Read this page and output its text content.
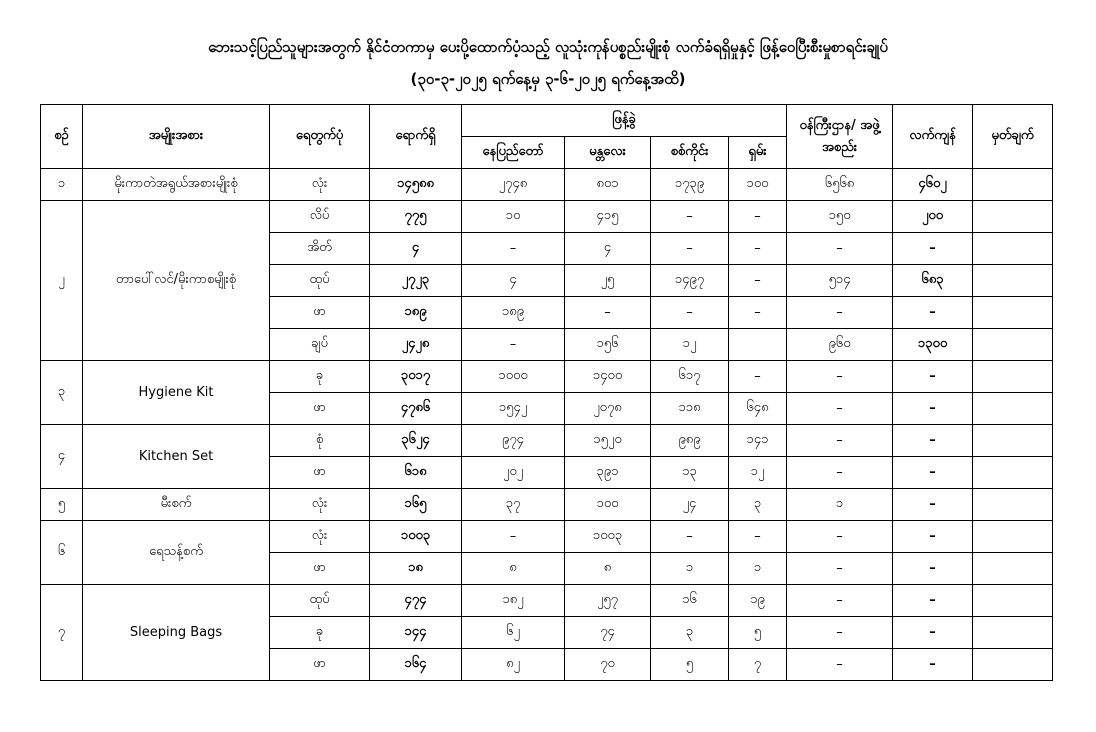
ဘေးသင့်ပြည်သူများအတွက် နိုင်ငံတကာမှ ပေးပို့ထောက်ပံ့သည့် လူသုံးကုန်ပစ္စည်းမျိုးစုံ လက်ခံရရှိမှုနှင့် ဖြန့်ဝေပြီးစီးမှုစာရင်းချုပ်
(၃၀-၃-၂၀၂၅ ရက်နေ့မှ ၃-၆-၂၀၂၅ ရက်နေ့အထိ)
စဉ်	အမျိုးအစား	ရေတွက်ပုံ	ရောက်ရှိ	ဖြန့်ခွဲ				ဝန်ကြီးဌာန/ အဖွဲ့အစည်း	လက်ကျန်	မှတ်ချက်
				နေပြည်တော်	မန္တလေး	စစ်ကိုင်း	ရှမ်း			
၁	မိုးကာတဲအရွယ်အစားမျိုးစုံ	လုံး	၁၄၅၈၈	၂၇၄၈	၈၀၁	၁၇၃၉	၁၀၀	၆၅၆၈	၄၆၀၂	
၂	တာပေါ်လင်/မိုးကာစမျိုးစုံ	လိပ်	၇၇၅	၁၀	၄၁၅	–	–	၁၅၀	၂၀၀	
		အိတ်	၄	–	၄	–	–	–	–	
		ထုပ်	၂၇၂၃	၄	၂၅	၁၄၉၇	–	၅၁၄	၆၈၃	
		ဖာ	၁၈၉	၁၈၉	–	–	–	–	–	
		ချပ်	၂၄၂၈	–	၁၅၆	၁၂		၉၆၀	၁၃၀၀	
၃	Hygiene Kit	ခု	၃၀၁၇	၁၀၀၀	၁၄၀၀	၆၁၇	–	–	–	
		ဖာ	၄၇၈၆	၁၅၄၂	၂၀၇၈	၁၁၈	၆၄၈	–	–	
၄	Kitchen Set	စုံ	၃၆၂၄	၉၇၄	၁၅၂၀	၉၈၉	၁၄၁	–	–	
		ဖာ	၆၁၈	၂၀၂	၃၉၁	၁၃	၁၂	–	–	
၅	မီးစက်	လုံး	၁၆၅	၃၇	၁၀၀	၂၄	၃	၁	–	
၆	ရေသန့်စက်	လုံး	၁၀၀၃	–	၁၀၀၃	–	–	–	–	
		ဖာ	၁၈	၈	၈	၁	၁	–	–	
၇	Sleeping Bags	ထုပ်	၄၇၄	၁၈၂	၂၅၇	၁၆	၁၉	–	–	
		ခု	၁၄၄	၆၂	၇၄	၃	၅	–	–	
		ဖာ	၁၆၄	၈၂	၇၀	၅	၇	–	–	
